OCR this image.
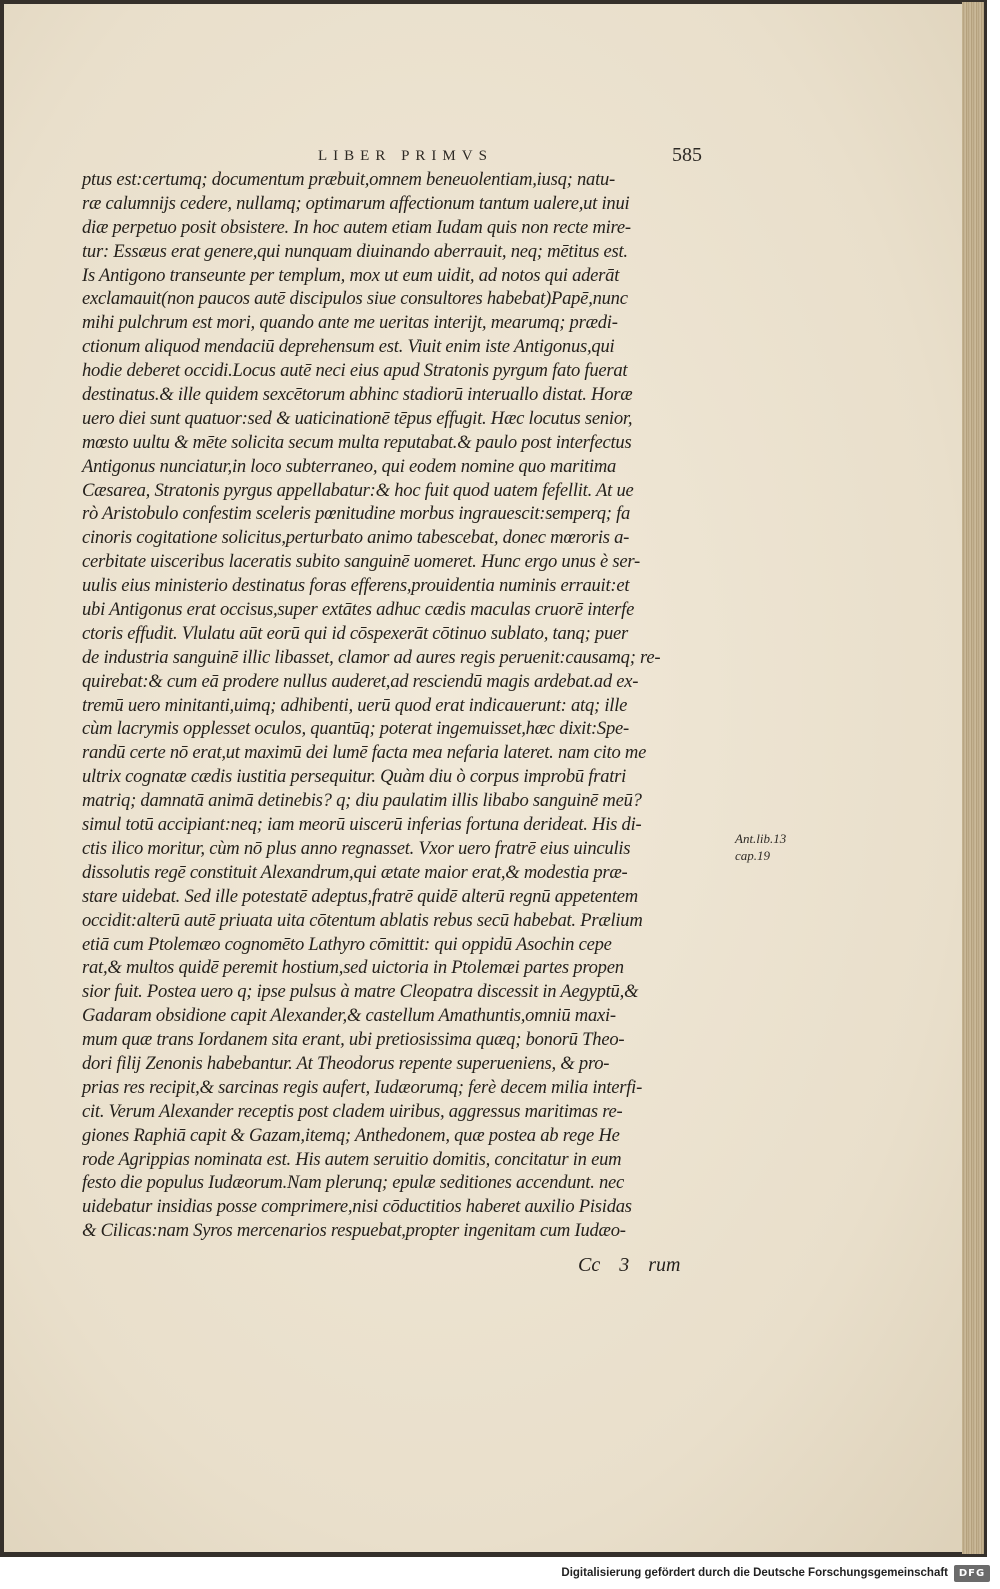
LIBER PRIMVS	585
ptus est:certumq; documentum præbuit,omnem beneuolentiam,iusq; natu-
ræ calumnijs cedere, nullamq; optimarum affectionum tantum ualere,ut inui
diæ perpetuo posit obsistere. In hoc autem etiam Iudam quis non recte mire-
tur: Essæus erat genere,qui nunquam diuinando aberrauit, neq; mētitus est.
Is Antigono transeunte per templum, mox ut eum uidit, ad notos qui aderāt
exclamauit(non paucos autē discipulos siue consultores habebat)Papē,nunc
mihi pulchrum est mori, quando ante me ueritas interijt, mearumq; prædi-
ctionum aliquod mendaciū deprehensum est. Viuit enim iste Antigonus,qui
hodie deberet occidi.Locus autē neci eius apud Stratonis pyrgum fato fuerat
destinatus.& ille quidem sexcētorum abhinc stadiorū interuallo distat. Horæ
uero diei sunt quatuor:sed & uaticinationē tēpus effugit. Hæc locutus senior,
mœsto uultu & mēte solicita secum multa reputabat.& paulo post interfectus
Antigonus nunciatur,in loco subterraneo, qui eodem nomine quo maritima
Cæsarea, Stratonis pyrgus appellabatur:& hoc fuit quod uatem fefellit. At ue
rò Aristobulo confestim sceleris pœnitudine morbus ingrauescit:semperq; fa
cinoris cogitatione solicitus,perturbato animo tabescebat, donec mœroris a-
cerbitate uisceribus laceratis subito sanguinē uomeret. Hunc ergo unus è ser-
uulis eius ministerio destinatus foras efferens,prouidentia numinis errauit:et
ubi Antigonus erat occisus,super extātes adhuc cædis maculas cruorē interfe
ctoris effudit. Vlulatu aūt eorū qui id cōspexerāt cōtinuo sublato, tanq; puer
de industria sanguinē illic libasset, clamor ad aures regis peruenit:causamq; re-
quirebat:& cum eā prodere nullus auderet,ad resciendū magis ardebat.ad ex-
tremū uero minitanti,uimq; adhibenti, uerū quod erat indicauerunt: atq; ille
cùm lacrymis opplesset oculos, quantūq; poterat ingemuisset,hæc dixit:Spe-
randū certe nō erat,ut maximū dei lumē facta mea nefaria lateret. nam cito me
ultrix cognatæ cædis iustitia persequitur. Quàm diu ò corpus improbū fratri
matriq; damnatā animā detinebis? q; diu paulatim illis libabo sanguinē meū?
simul totū accipiant:neq; iam meorū uiscerū inferias fortuna derideat. His di-
ctis ilico moritur, cùm nō plus anno regnasset. Vxor uero fratrē eius uinculis
dissolutis regē constituit Alexandrum,qui ætate maior erat,& modestia præ-
stare uidebat. Sed ille potestatē adeptus,fratrē quidē alterū regnū appetentem
occidit:alterū autē priuata uita cōtentum ablatis rebus secū habebat. Prælium
etiā cum Ptolemæo cognomēto Lathyro cōmittit: qui oppidū Asochin cepe
rat,& multos quidē peremit hostium,sed uictoria in Ptolemæi partes propen
sior fuit. Postea uero q; ipse pulsus à matre Cleopatra discessit in Aegyptū,&
Gadaram obsidione capit Alexander,& castellum Amathuntis,omniū maxi-
mum quæ trans Iordanem sita erant, ubi pretiosissima quæq; bonorū Theo-
dori filij Zenonis habebantur. At Theodorus repente superueniens, & pro-
prias res recipit,& sarcinas regis aufert, Iudæorumq; ferè decem milia interfi-
cit. Verum Alexander receptis post cladem uiribus, aggressus maritimas re-
giones Raphiā capit & Gazam,itemq; Anthedonem, quæ postea ab rege He
rode Agrippias nominata est. His autem seruitio domitis, concitatur in eum
festo die populus Iudæorum.Nam plerunq; epulæ seditiones accendunt. nec
uidebatur insidias posse comprimere,nisi cōductitios haberet auxilio Pisidas
& Cilicas:nam Syros mercenarios respuebat,propter ingenitam cum Iudæo-
Ant.lib.13
cap.19
Cc 3 rum
Digitalisierung gefördert durch die Deutsche Forschungsgemeinschaft	DFG
